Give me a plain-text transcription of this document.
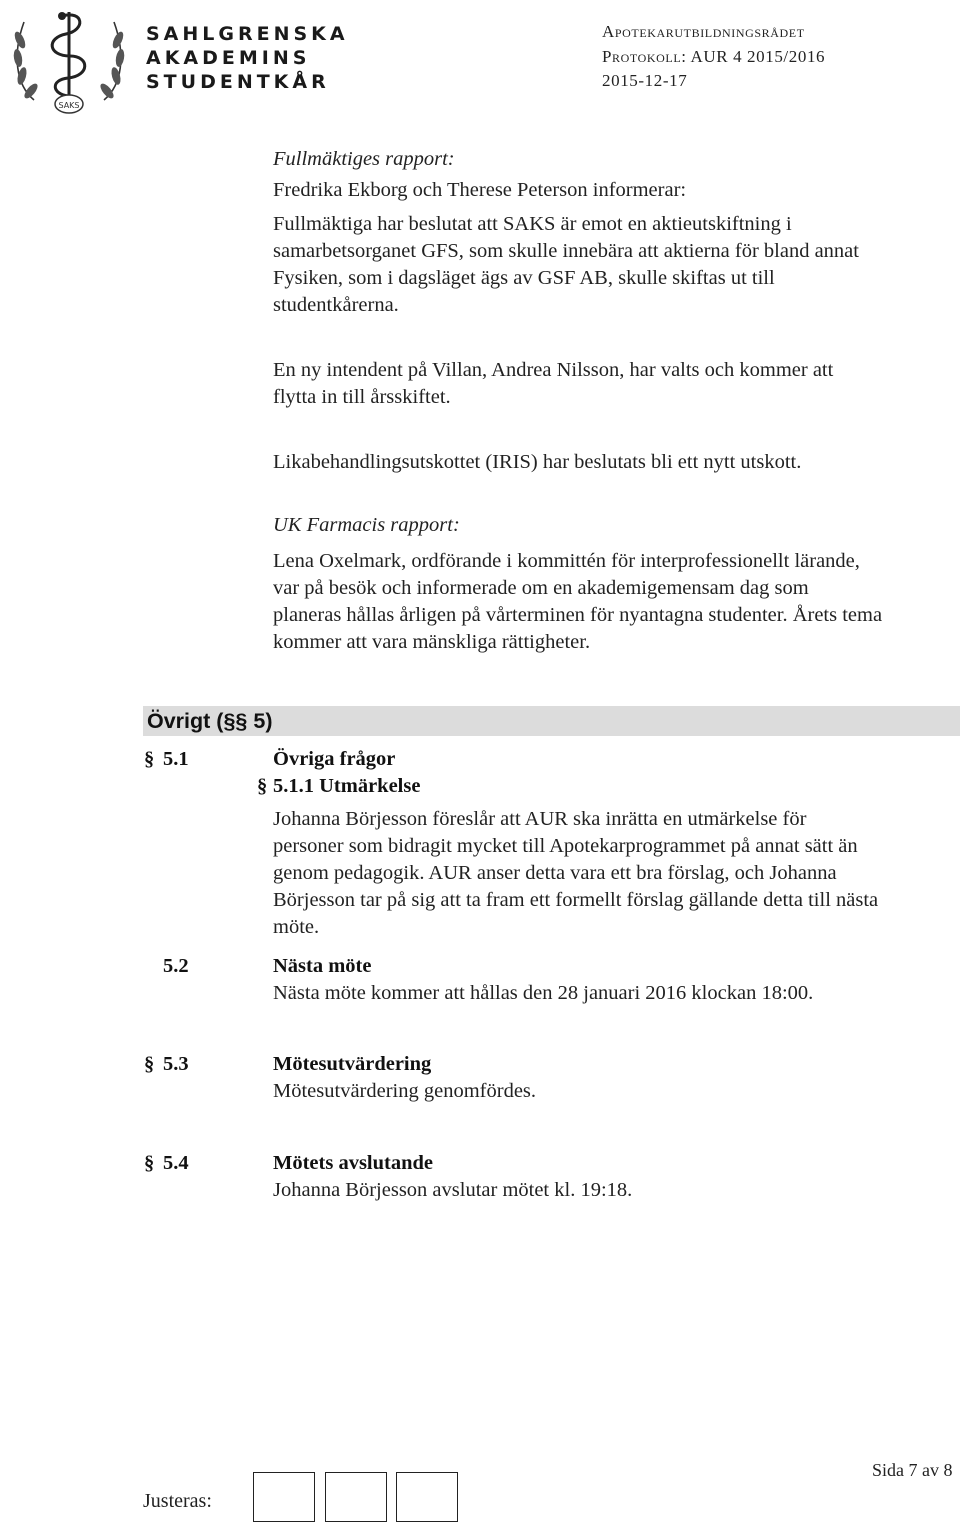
SAKS
SAHLGRENSKA
AKADEMINS
STUDENTKÅR
Apotekarutbildningsrådet
Protokoll: AUR 4 2015/2016
2015-12-17
Fullmäktiges rapport:
Fredrika Ekborg och Therese Peterson informerar:
Fullmäktiga har beslutat att SAKS är emot en aktieutskiftning i
samarbetsorganet GFS, som skulle innebära att aktierna för bland annat
Fysiken, som i dagsläget ägs av GSF AB, skulle skiftas ut till
studentkårerna.
En ny intendent på Villan, Andrea Nilsson, har valts och kommer att
flytta in till årsskiftet.
Likabehandlingsutskottet (IRIS) har beslutats bli ett nytt utskott.
UK Farmacis rapport:
Lena Oxelmark, ordförande i kommittén för interprofessionellt lärande,
var på besök och informerade om en akademigemensam dag som
planeras hållas årligen på vårterminen för nyantagna studenter. Årets tema
kommer att vara mänskliga rättigheter.
Övrigt (§§ 5)
§ 5.1	Övriga frågor
§ 5.1.1 Utmärkelse
Johanna Börjesson föreslår att AUR ska inrätta en utmärkelse för
personer som bidragit mycket till Apotekarprogrammet på annat sätt än
genom pedagogik. AUR anser detta vara ett bra förslag, och Johanna
Börjesson tar på sig att ta fram ett formellt förslag gällande detta till nästa
möte.
5.2	Nästa möte
Nästa möte kommer att hållas den 28 januari 2016 klockan 18:00.
§ 5.3	Mötesutvärdering
Mötesutvärdering genomfördes.
§ 5.4	Mötets avslutande
Johanna Börjesson avslutar mötet kl. 19:18.
Justeras:
Sida 7 av 8
